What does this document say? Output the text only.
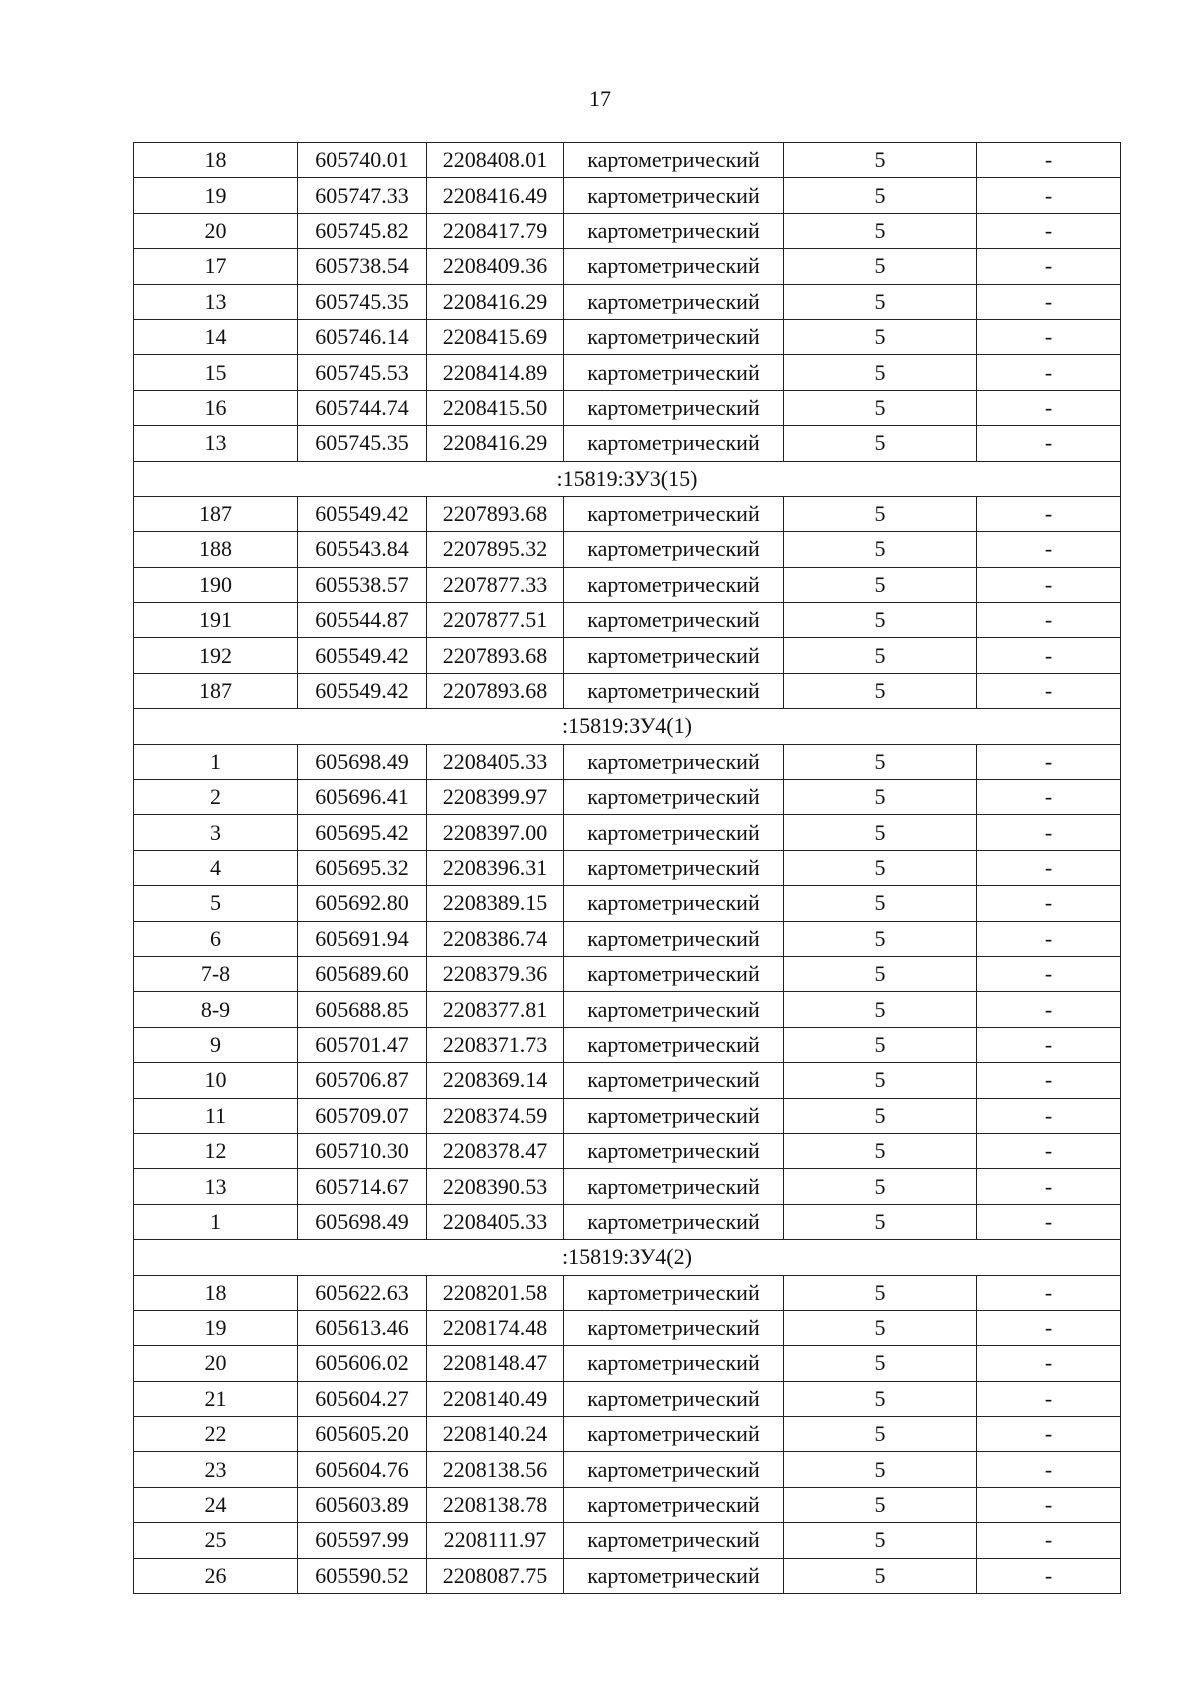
17
18	605740.01	2208408.01	картометрический	5	-
19	605747.33	2208416.49	картометрический	5	-
20	605745.82	2208417.79	картометрический	5	-
17	605738.54	2208409.36	картометрический	5	-
13	605745.35	2208416.29	картометрический	5	-
14	605746.14	2208415.69	картометрический	5	-
15	605745.53	2208414.89	картометрический	5	-
16	605744.74	2208415.50	картометрический	5	-
13	605745.35	2208416.29	картометрический	5	-
:15819:ЗУ3(15)					
187	605549.42	2207893.68	картометрический	5	-
188	605543.84	2207895.32	картометрический	5	-
190	605538.57	2207877.33	картометрический	5	-
191	605544.87	2207877.51	картометрический	5	-
192	605549.42	2207893.68	картометрический	5	-
187	605549.42	2207893.68	картометрический	5	-
:15819:ЗУ4(1)					
1	605698.49	2208405.33	картометрический	5	-
2	605696.41	2208399.97	картометрический	5	-
3	605695.42	2208397.00	картометрический	5	-
4	605695.32	2208396.31	картометрический	5	-
5	605692.80	2208389.15	картометрический	5	-
6	605691.94	2208386.74	картометрический	5	-
7-8	605689.60	2208379.36	картометрический	5	-
8-9	605688.85	2208377.81	картометрический	5	-
9	605701.47	2208371.73	картометрический	5	-
10	605706.87	2208369.14	картометрический	5	-
11	605709.07	2208374.59	картометрический	5	-
12	605710.30	2208378.47	картометрический	5	-
13	605714.67	2208390.53	картометрический	5	-
1	605698.49	2208405.33	картометрический	5	-
:15819:ЗУ4(2)					
18	605622.63	2208201.58	картометрический	5	-
19	605613.46	2208174.48	картометрический	5	-
20	605606.02	2208148.47	картометрический	5	-
21	605604.27	2208140.49	картометрический	5	-
22	605605.20	2208140.24	картометрический	5	-
23	605604.76	2208138.56	картометрический	5	-
24	605603.89	2208138.78	картометрический	5	-
25	605597.99	2208111.97	картометрический	5	-
26	605590.52	2208087.75	картометрический	5	-
